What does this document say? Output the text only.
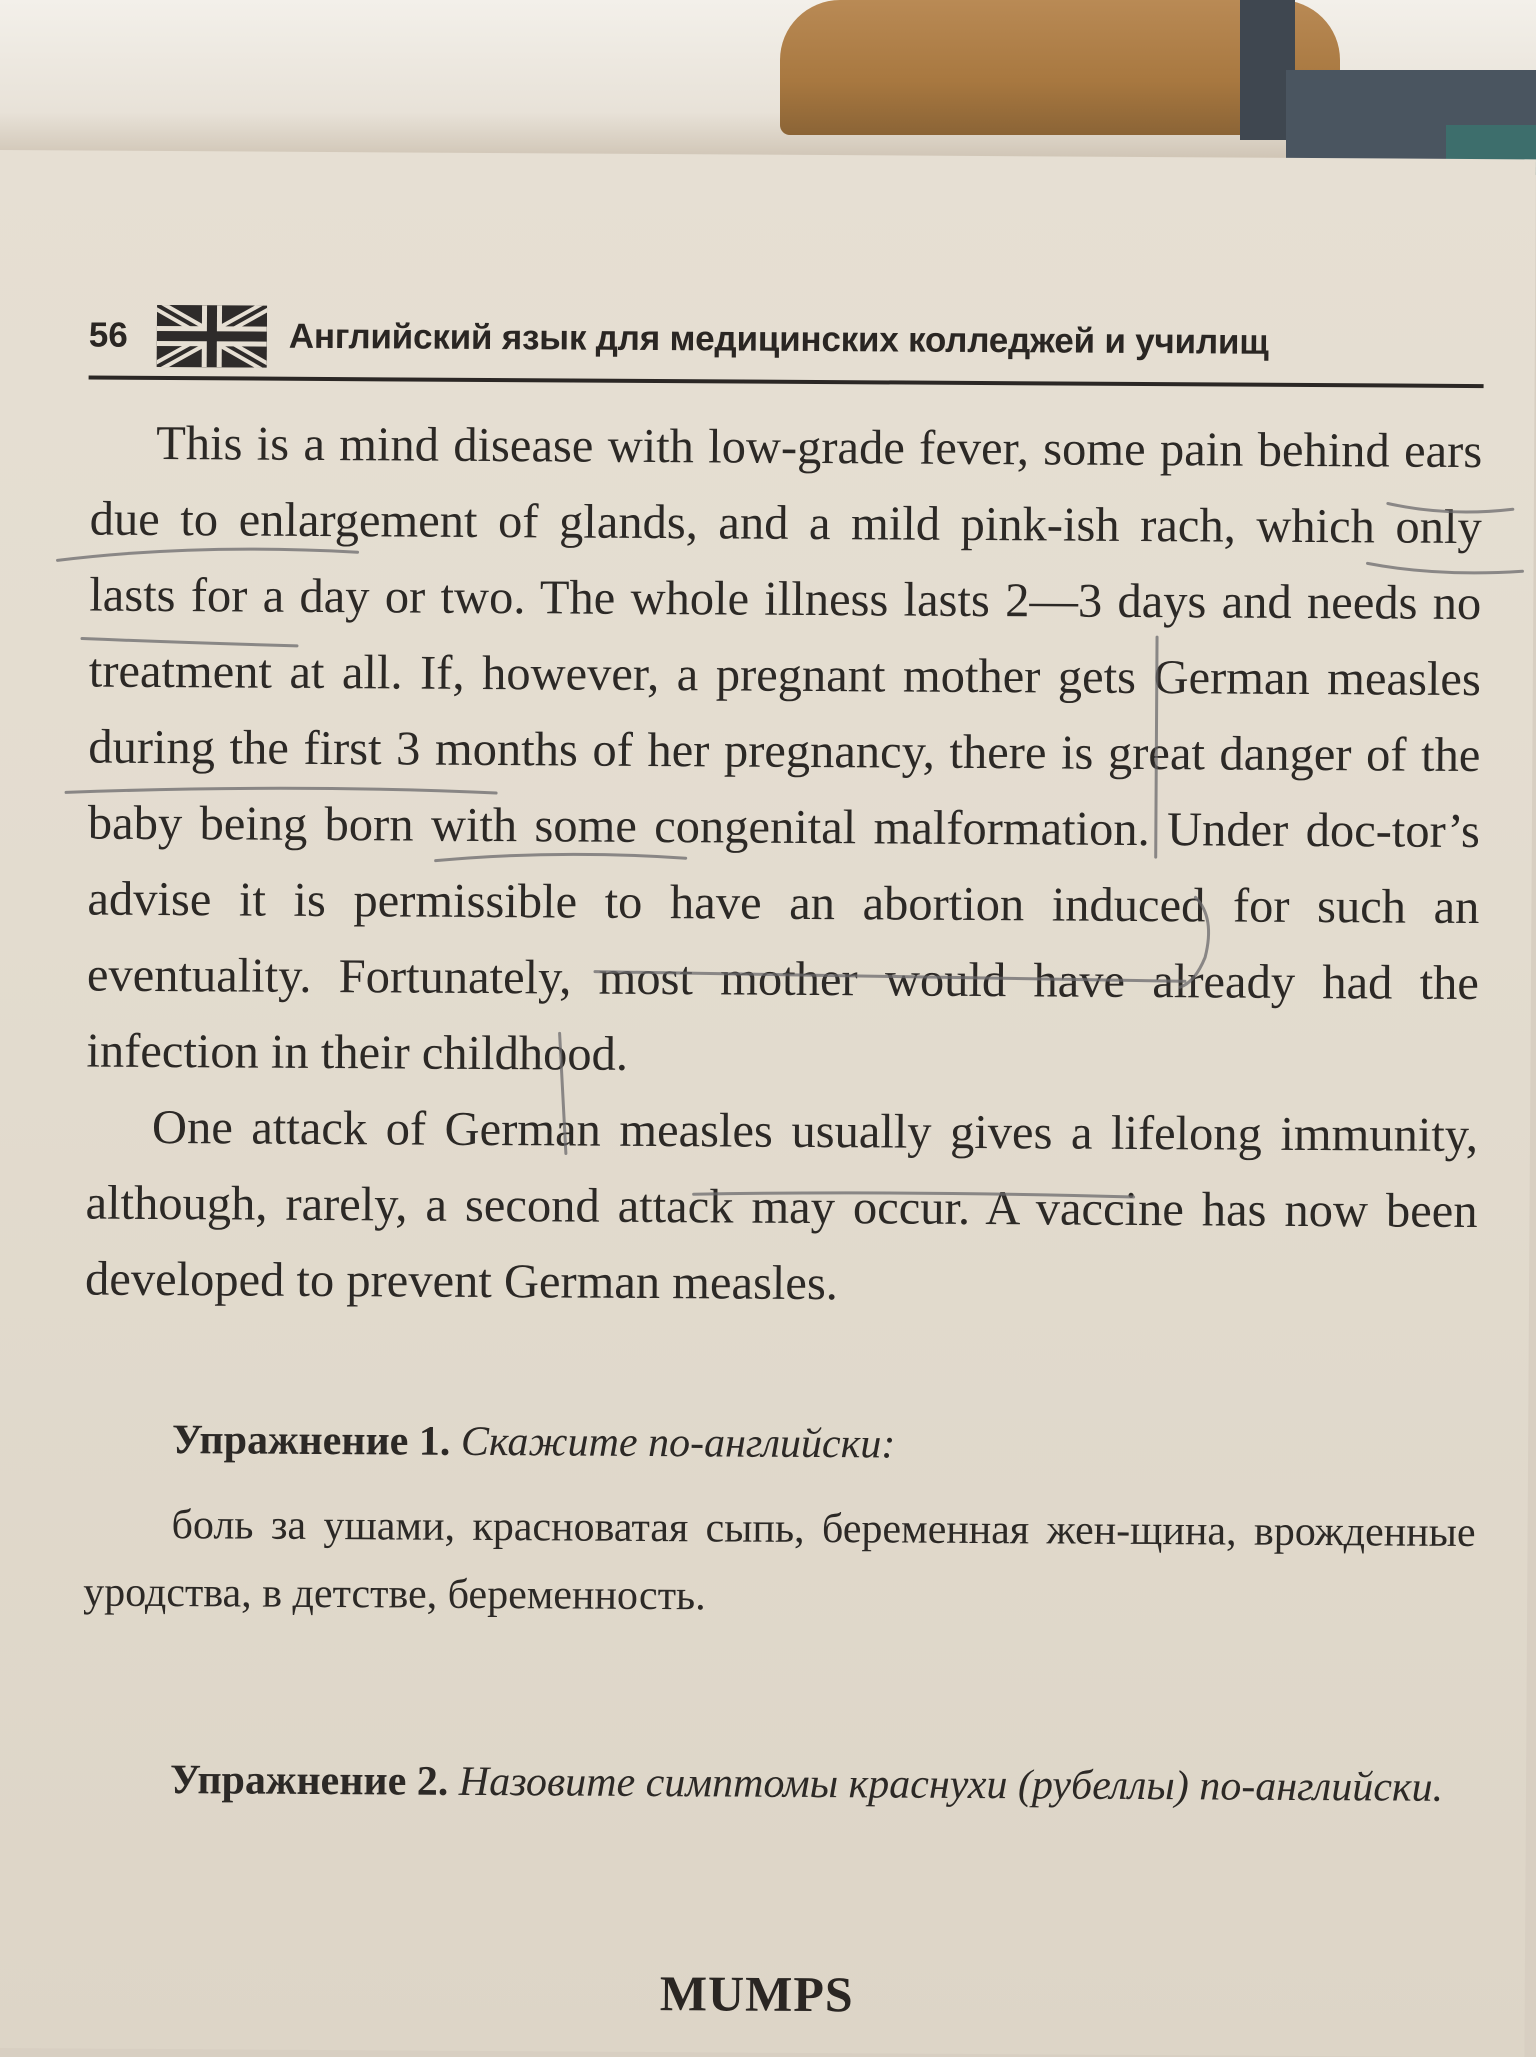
56	Английский язык для медицинских колледжей и училищ

This is a mind disease with low-grade fever, some pain behind ears due to enlargement of glands, and a mild pink-ish rach, which only lasts for a day or two. The whole illness lasts 2—3 days and needs no treatment at all. If, however, a pregnant mother gets German measles during the first 3 months of her pregnancy, there is great danger of the baby being born with some congenital malformation. Under doc-tor’s advise it is permissible to have an abortion induced for such an eventuality. Fortunately, most mother would have already had the infection in their childhood.

One attack of German measles usually gives a lifelong immunity, although, rarely, a second attack may occur. A vaccine has now been developed to prevent German measles.

Упражнение 1. Скажите по-английски:

боль за ушами, красноватая сыпь, беременная жен-щина, врожденные уродства, в детстве, беременность.

Упражнение 2. Назовите симптомы краснухи (рубеллы) по-английски.
MUMPS
